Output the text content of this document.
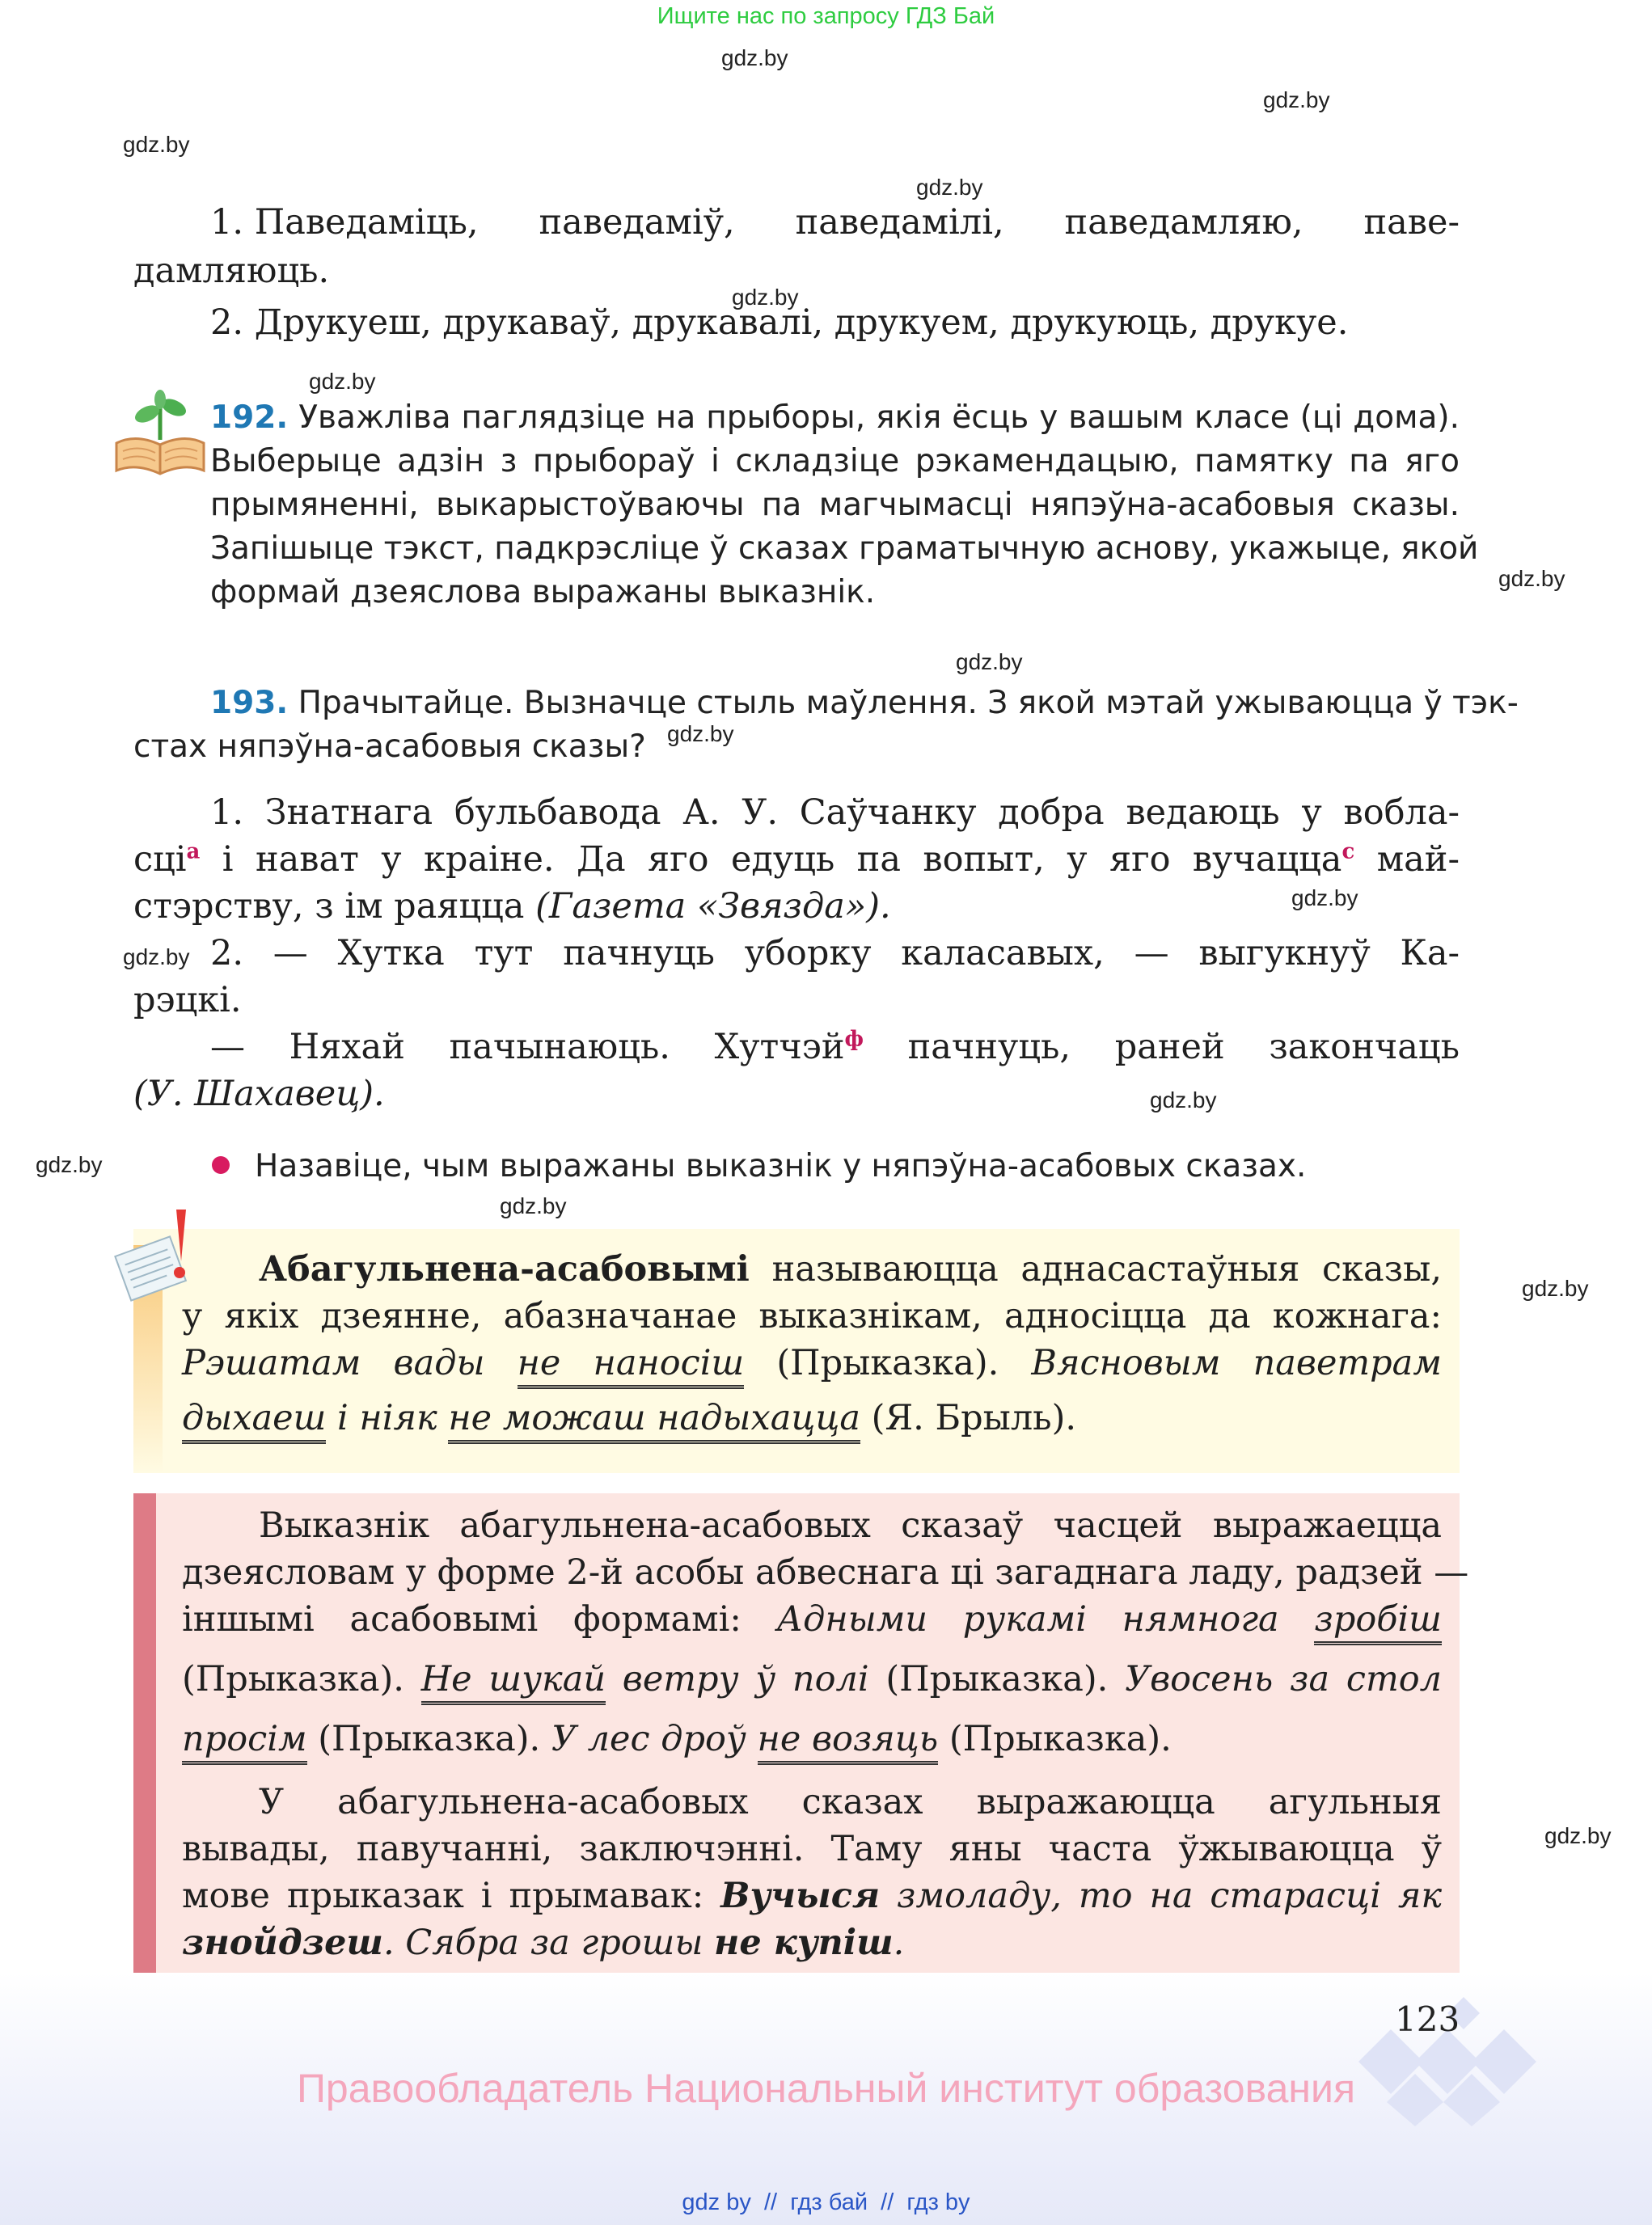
Ищите нас по запросу ГДЗ Бай
gdz.by
gdz.by
gdz.by
gdz.by
gdz.by
gdz.by
gdz.by
gdz.by
gdz.by
gdz.by
gdz.by
gdz.by
gdz.by
gdz.by
gdz.by
gdz.by
1. Паведаміць, паведаміў, паведамілі, паведамляю, паве-
дамляюць.
2. Друкуеш, друкаваў, друкавалі, друкуем, друкуюць, друкуе.
192. Уважліва паглядзіце на прыборы, якія ёсць у вашым класе (ці дома).
Выберыце адзін з прыбораў і складзіце рэкамендацыю, памятку па яго
прымяненні, выкарыстоўваючы па магчымасці няпэўна-асабовыя сказы.
Запішыце тэкст, падкрэсліце ў сказах граматычную аснову, укажыце, якой
формай дзеяслова выражаны выказнік.
193. Прачытайце. Вызначце стыль маўлення. З якой мэтай ужываюцца ў тэк-
стах няпэўна-асабовыя сказы?
1. Знатнага бульбавода А. У. Саўчанку добра ведаюць у вобла-
сці$^а$ і нават у краіне. Да яго едуць па вопыт, у яго вучацца$^с$ май-
стэрству, з ім раяцца (Газета «Звязда»).
2. — Хутка тут пачнуць уборку каласавых, — выгукнуў Ка-
рэцкі.
— Няхай пачынаюць. Хутчэй$^ф$ пачнуць, раней закончаць
(У. Шахавец).
Назавіце, чым выражаны выказнік у няпэўна-асабовых сказах.
Абагульнена-асабовымі называюцца аднасастаўныя сказы,
у якіх дзеянне, абазначанае выказнікам, адносіцца да кожнага:
Рэшатам вады не наносіш (Прыказка). Вясновым паветрам
дыхаеш і ніяк не можаш надыхацца (Я. Брыль).
Выказнік абагульнена-асабовых сказаў часцей выражаецца
дзеясловам у форме 2-й асобы абвеснага ці загаднага ладу, радзей —
іншымі асабовымі формамі: Адными рукамі нямнога зробіш
(Прыказка). Не шукай ветру ў полі (Прыказка). Увосень за стол
просім (Прыказка). У лес дроў не возяць (Прыказка).
У абагульнена-асабовых сказах выражаюцца агульныя
вывады, павучанні, заключэнні. Таму яны часта ўжываюцца ў
мове прыказак і прымавак: Вучыся змоладу, то на старасці як
знойдзеш. Сябра за грошы не купіш.
123
Правообладатель Национальный институт образования
gdz by  //  гдз бай  //  гдз by
